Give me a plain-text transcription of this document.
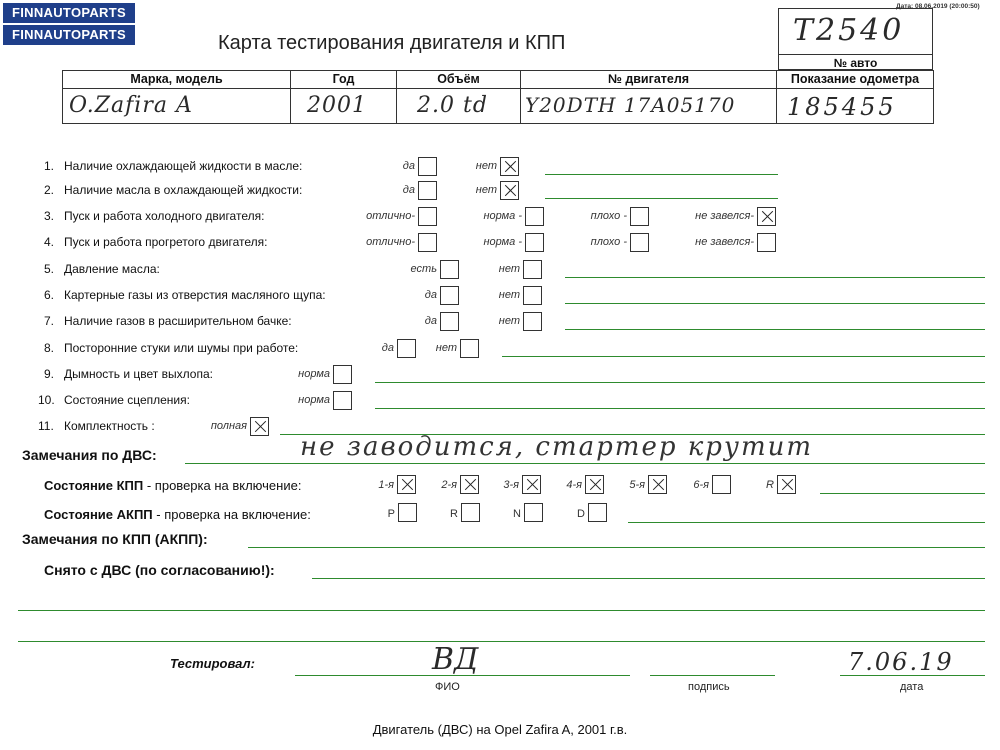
FINNAUTOPARTS
FINNAUTOPARTS
Дата: 08.06.2019 (20:00:50)
Карта тестирования двигателя и КПП	T2540
№ авто
Марка, модель
O.Zafira A
Год
2001
Объём
2.0 td
№ двигателя
Y20DTH 17A05170
Показание одометра
185455
1. Наличие охлаждающей жидкости в масле:	да	нет
2. Наличие масла в охлаждающей жидкости:	да	нет
3. Пуск и работа холодного двигателя:	отлично-	норма -	плохо -	не завелся-
4. Пуск и работа прогретого двигателя:	отлично-	норма -	плохо -	не завелся-
5. Давление масла:	есть	нет
6. Картерные газы из отверстия масляного щупа:	да	нет
7. Наличие газов в расширительном бачке:	да	нет
8. Посторонние стуки или шумы при работе:	да	нет
9. Дымность и цвет выхлопа:	норма
10. Состояние сцепления:	норма
11. Комплектность :	полная
Замечания по ДВС:	не заводится, стартер крутит
Состояние КПП - проверка на включение:	1-я	2-я	3-я	4-я	5-я	6-я	R
Состояние АКПП - проверка на включение:	P	R	N	D
Замечания по КПП (АКПП):
Снято с ДВС (по согласованию!):
Тестировал:	ВД
ФИО	подпись
7.06.19
дата
Двигатель (ДВС) на Opel Zafira A, 2001 г.в.
